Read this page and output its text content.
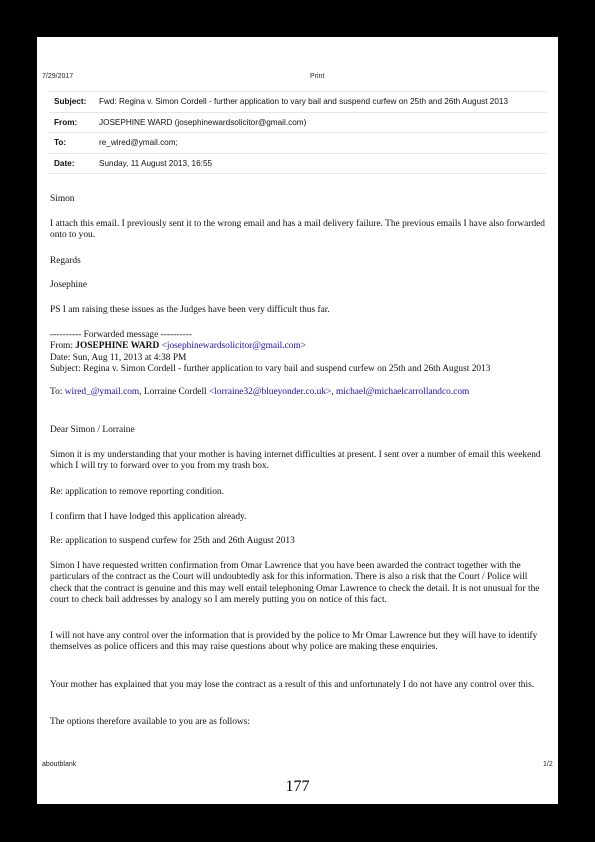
7/29/2017	Print
Subject:	Fwd: Regina v. Simon Cordell - further application to vary bail and suspend curfew on 25th and 26th August 2013
From:	JOSEPHINE WARD (josephinewardsolicitor@gmail.com)
To:	re_wired@ymail.com;
Date:	Sunday, 11 August 2013, 16:55

Simon

I attach this email. I previously sent it to the wrong email and has a mail delivery failure. The previous emails I have also forwarded onto to you.

Regards

Josephine

PS I am raising these issues as the Judges have been very difficult thus far.

---------- Forwarded message ----------

From: JOSEPHINE WARD <josephinewardsolicitor@gmail.com>

Date: Sun, Aug 11, 2013 at 4:38 PM

Subject: Regina v. Simon Cordell - further application to vary bail and suspend curfew on 25th and 26th August 2013

To: wired_@ymail.com, Lorraine Cordell <lorraine32@blueyonder.co.uk>, michael@michaelcarrollandco.com

Dear Simon / Lorraine

Simon it is my understanding that your mother is having internet difficulties at present. I sent over a number of email this weekend which I will try to forward over to you from my trash box.

Re: application to remove reporting condition.

I confirm that I have lodged this application already.

Re: application to suspend curfew for 25th and 26th August 2013

Simon I have requested written confirmation from Omar Lawrence that you have been awarded the contract together with the particulars of the contract as the Court will undoubtedly ask for this information. There is also a risk that the Court / Police will check that the contract is genuine and this may well entail telephoning Omar Lawrence to check the detail. It is not unusual for the court to check bail addresses by analogy so I am merely putting you on notice of this fact.

I will not have any control over the information that is provided by the police to Mr Omar Lawrence but they will have to identify themselves as police officers and this may raise questions about why police are making these enquiries.

Your mother has explained that you may lose the contract as a result of this and unfortunately I do not have any control over this.

The options therefore available to you are as follows:

aboutblank	1/2
177
